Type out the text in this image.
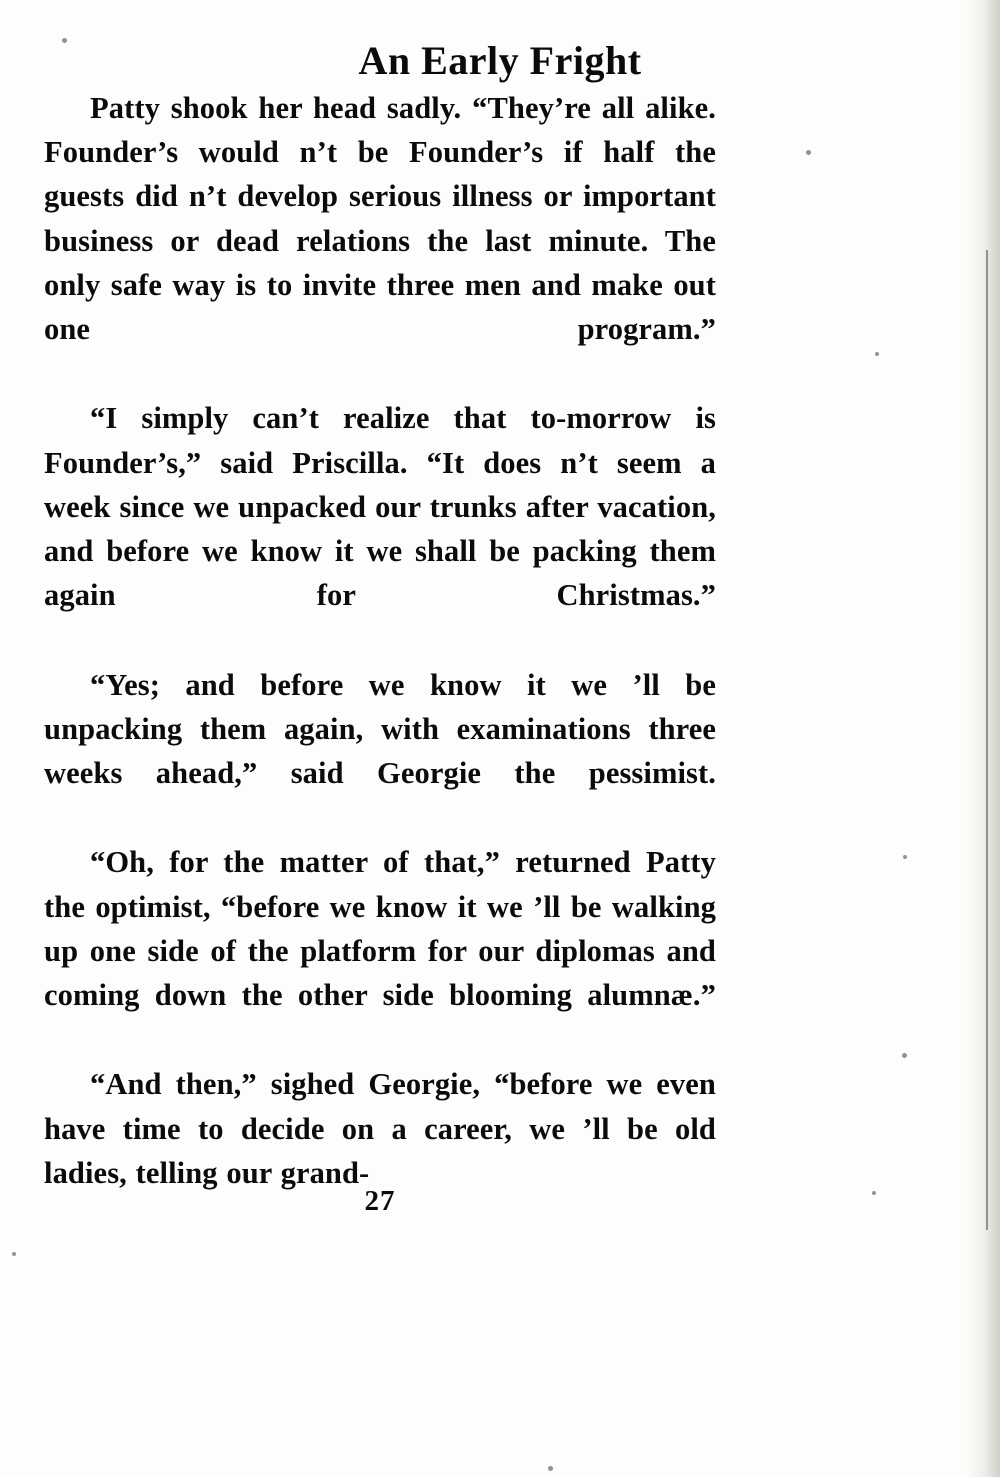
An Early Fright

Patty shook her head sadly. “They’re all alike. Founder’s would n’t be Founder’s if half the guests did n’t develop serious illness or important business or dead relations the last minute. The only safe way is to invite three men and make out one program.”

“I simply can’t realize that to-morrow is Founder’s,” said Priscilla. “It does n’t seem a week since we unpacked our trunks after vacation, and before we know it we shall be packing them again for Christmas.”

“Yes; and before we know it we ’ll be unpacking them again, with examinations three weeks ahead,” said Georgie the pessimist.

“Oh, for the matter of that,” returned Patty the optimist, “before we know it we ’ll be walking up one side of the platform for our diplomas and coming down the other side blooming alumnæ.”

“And then,” sighed Georgie, “before we even have time to decide on a career, we ’ll be old ladies, telling our grand-

27
